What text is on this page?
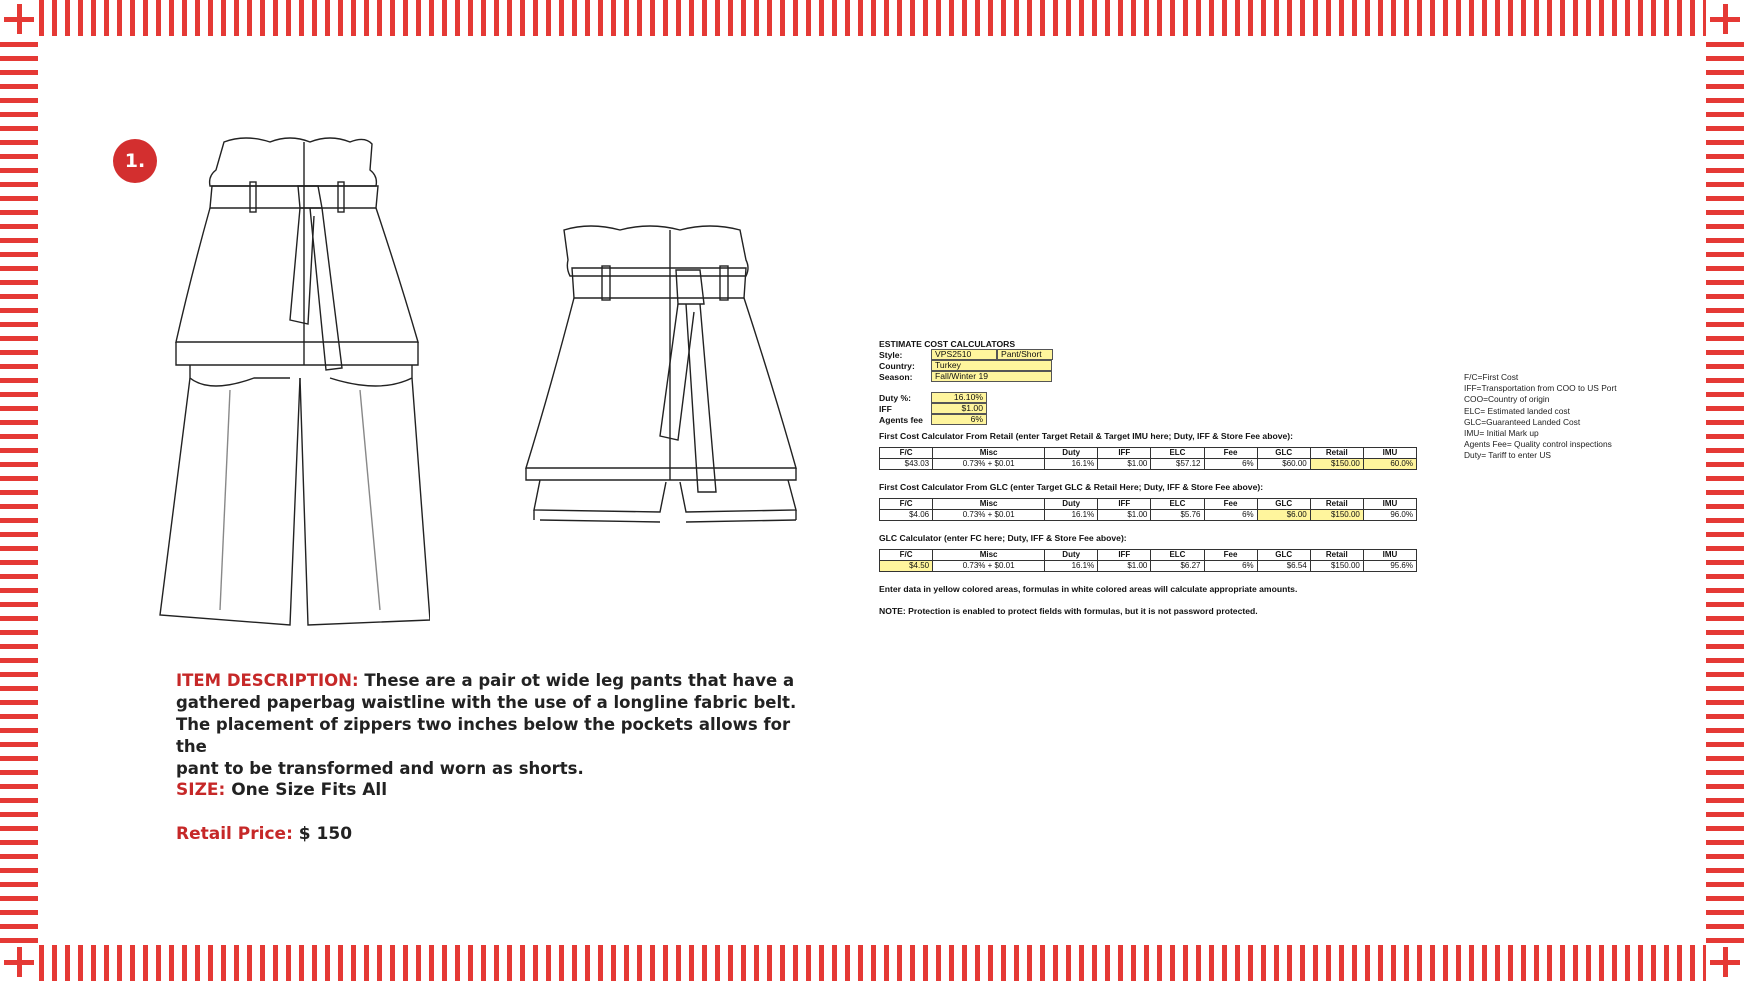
1.
ITEM DESCRIPTION: These are a pair ot wide leg pants that have a
gathered paperbag waistline with the use of a longline fabric belt.
The placement of zippers two inches below the pockets allows for the
pant to be transformed and worn as shorts.
SIZE: One Size Fits All
Retail Price: $ 150
ESTIMATE COST CALCULATORS
Style:	VPS2510	Pant/Short
Country:	Turkey
Season:	Fall/Winter 19
Duty %:	16.10%
IFF	$1.00
Agents fee	6%
First Cost Calculator From Retail (enter Target Retail & Target IMU here; Duty, IFF & Store Fee above):
F/C	Misc	Duty	IFF	ELC	Fee	GLC	Retail	IMU
$43.03	0.73% + $0.01	16.1%	$1.00	$57.12	6%	$60.00	$150.00	60.0%
First Cost Calculator From GLC (enter Target GLC & Retail Here; Duty, IFF & Store Fee above):
F/C	Misc	Duty	IFF	ELC	Fee	GLC	Retail	IMU
$4.06	0.73% + $0.01	16.1%	$1.00	$5.76	6%	$6.00	$150.00	96.0%
GLC Calculator (enter FC here; Duty, IFF & Store Fee above):
F/C	Misc	Duty	IFF	ELC	Fee	GLC	Retail	IMU
$4.50	0.73% + $0.01	16.1%	$1.00	$6.27	6%	$6.54	$150.00	95.6%
Enter data in yellow colored areas, formulas in white colored areas will calculate appropriate amounts.
NOTE: Protection is enabled to protect fields with formulas, but it is not password protected.
F/C=First Cost
IFF=Transportation from COO to US Port
COO=Country of origin
ELC= Estimated landed cost
GLC=Guaranteed Landed Cost
IMU= Initial Mark up
Agents Fee= Quality control inspections
Duty= Tariff to enter US
